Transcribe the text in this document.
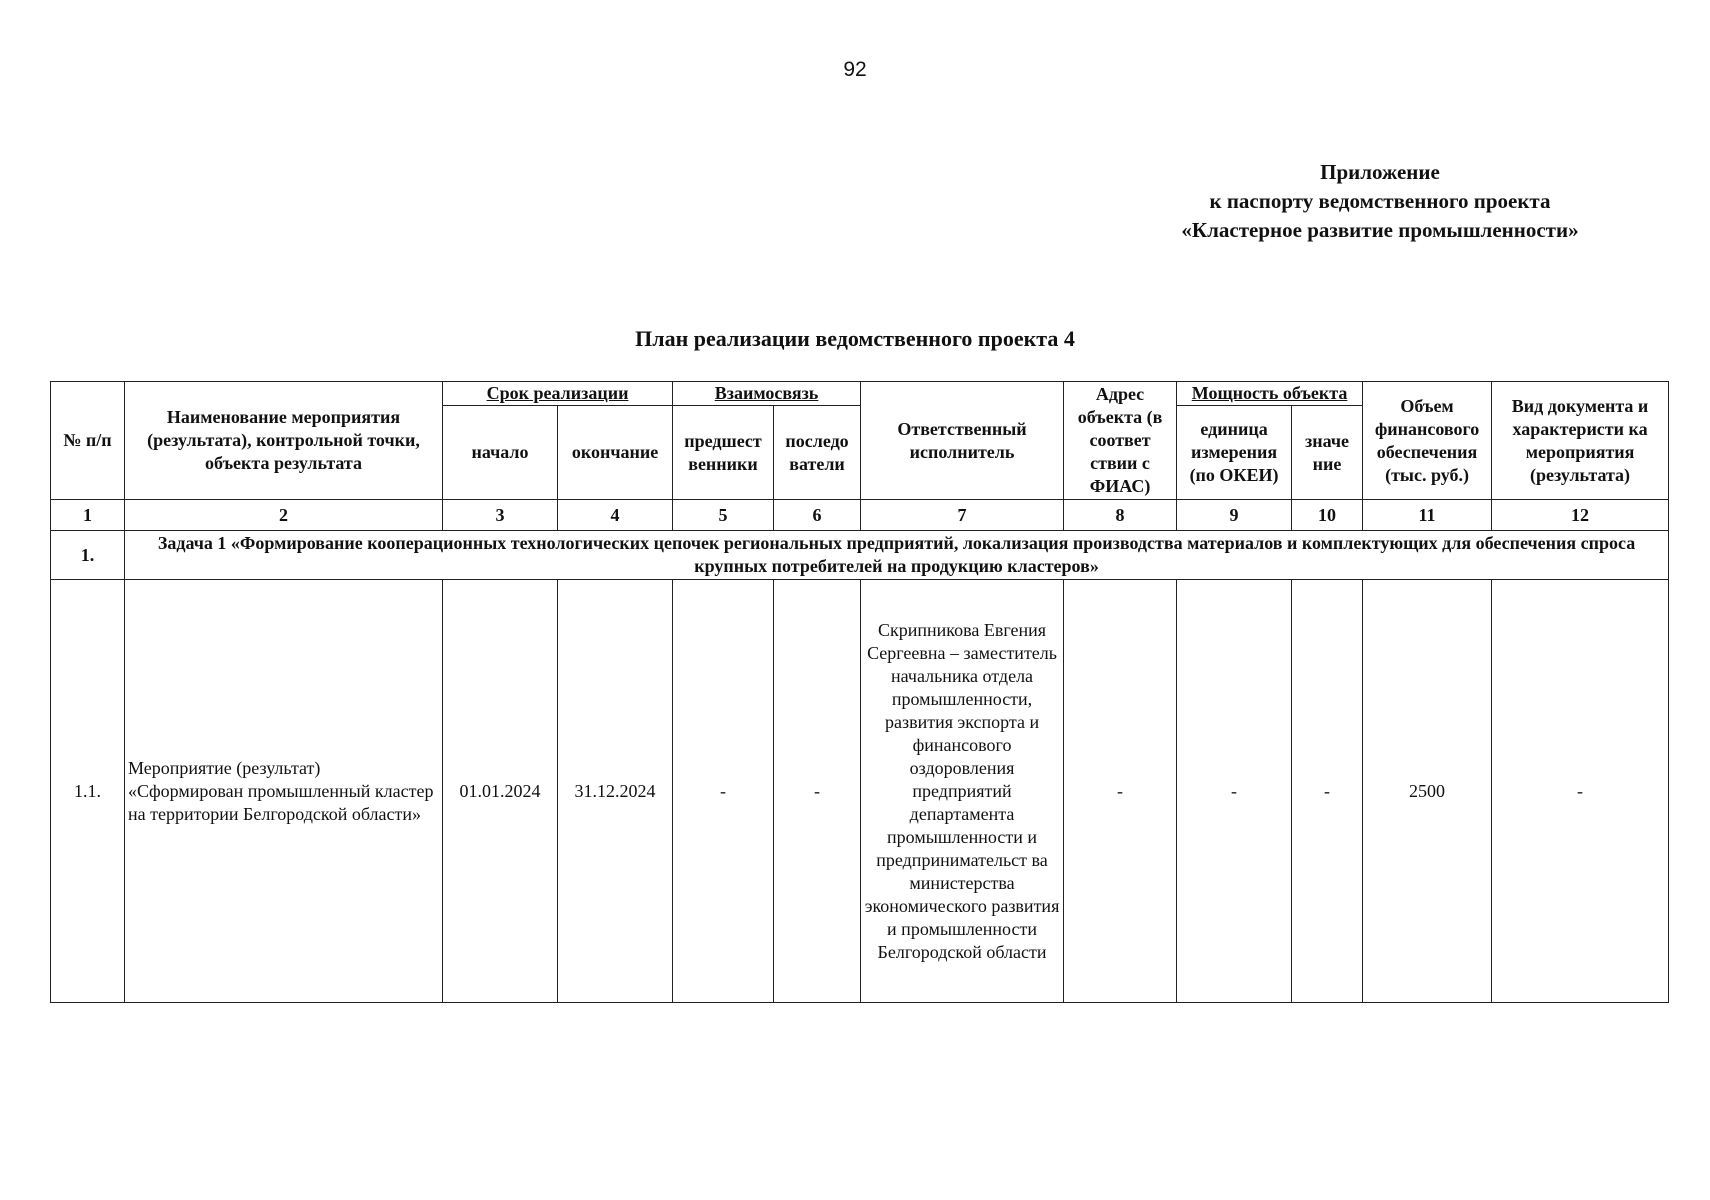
92
Приложение
к паспорту ведомственного проекта
«Кластерное развитие промышленности»
План реализации ведомственного проекта 4
№ п/п	Наименование мероприятия (результата), контрольной точки, объекта результата	Срок реализации		Взаимосвязь		Ответственный исполнитель	Адрес объекта (в соответ ствии с ФИАС)	Мощность объекта		Объем финансового обеспечения (тыс. руб.)	Вид документа и характеристи ка мероприятия (результата)
		начало	окончание	предшест венники	последо ватели			единица измерения (по ОКЕИ)	значе ние		
1	2	3	4	5	6	7	8	9	10	11	12
1.	Задача 1 «Формирование кооперационных технологических цепочек региональных предприятий, локализация производства материалов и комплектующих для обеспечения спроса крупных потребителей на продукцию кластеров»										
1.1.	Мероприятие (результат) «Сформирован промышленный кластер на территории Белгородской области»	01.01.2024	31.12.2024	-	-	Скрипникова Евгения Сергеевна – заместитель начальника отдела промышленности, развития экспорта и финансового оздоровления предприятий департамента промышленности и предпринимательст ва министерства экономического развития и промышленности Белгородской области	-	-	-	2500	-
